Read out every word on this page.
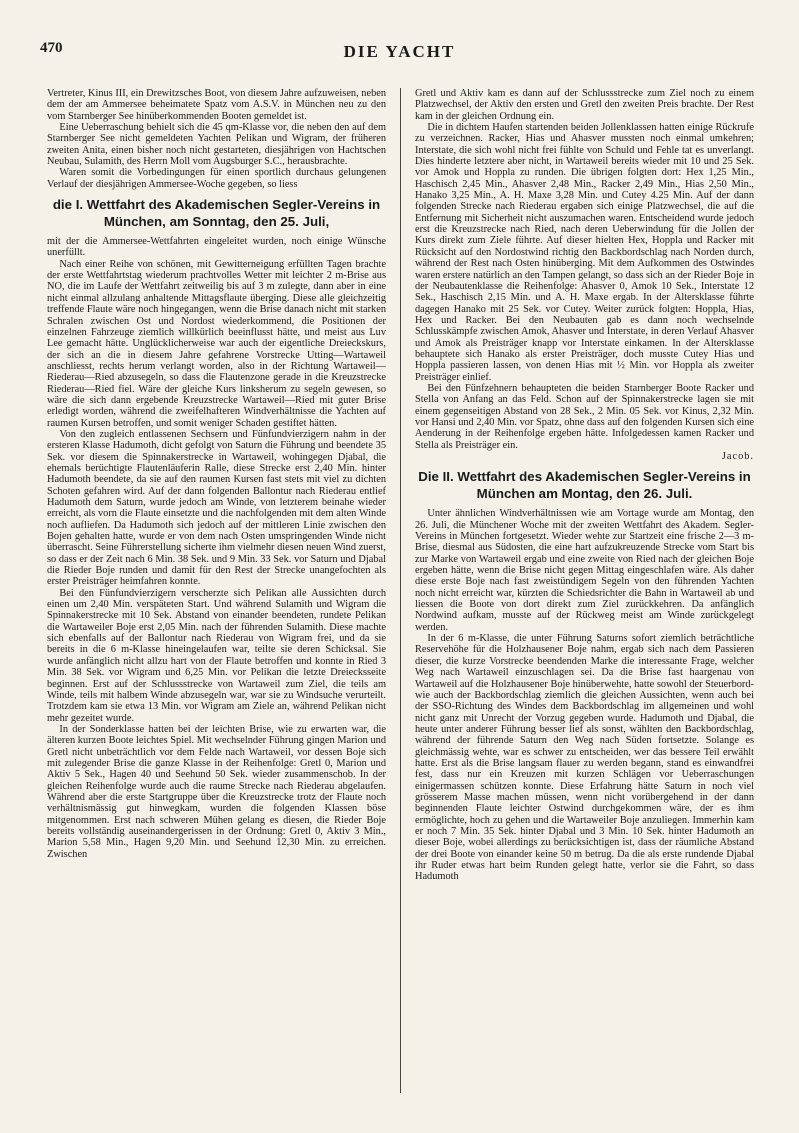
470	DIE YACHT

Vertreter, Kinus III, ein Drewitzsches Boot, von diesem Jahre aufzuweisen, neben dem der am Ammersee beheimatete Spatz vom A.S.V. in München neu zu den vom Starnberger See hinüberkommenden Booten gemeldet ist.

Eine Ueberraschung behielt sich die 45 qm-Klasse vor, die neben den auf dem Starnberger See nicht gemeldeten Yachten Pelikan und Wigram, der früheren zweiten Anita, einen bisher noch nicht gestarteten, diesjährigen von Hachtschen Neubau, Sulamith, des Herrn Moll vom Augsburger S.C., herausbrachte.

Waren somit die Vorbedingungen für einen sportlich durchaus gelungenen Verlauf der diesjährigen Ammersee-Woche gegeben, so liess

die I. Wettfahrt des Akademischen Segler-Vereins in München, am Sonntag, den 25. Juli,

mit der die Ammersee-Wettfahrten eingeleitet wurden, noch einige Wünsche unerfüllt.

Nach einer Reihe von schönen, mit Gewitterneigung erfüllten Tagen brachte der erste Wettfahrtstag wiederum prachtvolles Wetter mit leichter 2 m-Brise aus NO, die im Laufe der Wettfahrt zeitweilig bis auf 3 m zulegte, dann aber in eine nicht einmal allzulang anhaltende Mittagsflaute überging. Diese alle gleichzeitig treffende Flaute wäre noch hingegangen, wenn die Brise danach nicht mit starken Schralen zwischen Ost und Nordost wiederkommend, die Positionen der einzelnen Fahrzeuge ziemlich willkürlich beeinflusst hätte, und meist aus Luv Lee gemacht hätte. Unglücklicherweise war auch der eigentliche Dreieckskurs, der sich an die in diesem Jahre gefahrene Vorstrecke Utting—Wartaweil anschliesst, rechts herum verlangt worden, also in der Richtung Wartaweil—Riederau—Ried abzusegeln, so dass die Flautenzone gerade in die Kreuzstrecke Riederau—Ried fiel. Wäre der gleiche Kurs linksherum zu segeln gewesen, so wäre die sich dann ergebende Kreuzstrecke Wartaweil—Ried mit guter Brise erledigt worden, während die zweifelhafteren Windverhältnisse die Yachten auf raumen Kursen betroffen, und somit weniger Schaden gestiftet hätten.

Von den zugleich entlassenen Sechsern und Fünfundvierzigern nahm in der ersteren Klasse Hadumoth, dicht gefolgt von Saturn die Führung und beendete 35 Sek. vor diesem die Spinnakerstrecke in Wartaweil, wohingegen Djabal, die ehemals berüchtigte Flautenläuferin Ralle, diese Strecke erst 2,40 Min. hinter Hadumoth beendete, da sie auf den raumen Kursen fast stets mit viel zu dichten Schoten gefahren wird. Auf der dann folgenden Ballontur nach Riederau entlief Hadumoth dem Saturn, wurde jedoch am Winde, von letzterem beinahe wieder erreicht, als vorn die Flaute einsetzte und die nachfolgenden mit dem alten Winde noch aufliefen. Da Hadumoth sich jedoch auf der mittleren Linie zwischen den Bojen gehalten hatte, wurde er von dem nach Osten umspringenden Winde nicht überrascht. Seine Führerstellung sicherte ihm vielmehr diesen neuen Wind zuerst, so dass er der Zeit nach 6 Min. 38 Sek. und 9 Min. 33 Sek. vor Saturn und Djabal die Rieder Boje runden und damit für den Rest der Strecke unangefochten als erster Preisträger heimfahren konnte.

Bei den Fünfundvierzigern verscherzte sich Pelikan alle Aussichten durch einen um 2,40 Min. verspäteten Start. Und während Sulamith und Wigram die Spinnakerstrecke mit 10 Sek. Abstand von einander beendeten, rundete Pelikan die Wartaweiler Boje erst 2,05 Min. nach der führenden Sulamith. Diese machte sich ebenfalls auf der Ballontur nach Riederau von Wigram frei, und da sie bereits in die 6 m-Klasse hineingelaufen war, teilte sie deren Schicksal. Sie wurde anfänglich nicht allzu hart von der Flaute betroffen und konnte in Ried 3 Min. 38 Sek. vor Wigram und 6,25 Min. vor Pelikan die letzte Dreiecksseite beginnen. Erst auf der Schlussstrecke von Wartaweil zum Ziel, die teils am Winde, teils mit halbem Winde abzusegeln war, war sie zu Windsuche verurteilt. Trotzdem kam sie etwa 13 Min. vor Wigram am Ziele an, während Pelikan nicht mehr gezeitet wurde.

In der Sonderklasse hatten bei der leichten Brise, wie zu erwarten war, die älteren kurzen Boote leichtes Spiel. Mit wechselnder Führung gingen Marion und Gretl nicht unbeträchtlich vor dem Felde nach Wartaweil, vor dessen Boje sich mit zulegender Brise die ganze Klasse in der Reihenfolge: Gretl 0, Marion und Aktiv 5 Sek., Hagen 40 und Seehund 50 Sek. wieder zusammenschob. In der gleichen Reihenfolge wurde auch die raume Strecke nach Riederau abgelaufen. Während aber die erste Startgruppe über die Kreuzstrecke trotz der Flaute noch verhältnismässig gut hinwegkam, wurden die folgenden Klassen böse mitgenommen. Erst nach schweren Mühen gelang es diesen, die Rieder Boje bereits vollständig auseinandergerissen in der Ordnung: Gretl 0, Aktiv 3 Min., Marion 5,58 Min., Hagen 9,20 Min. und Seehund 12,30 Min. zu erreichen. Zwischen

Gretl und Aktiv kam es dann auf der Schlussstrecke zum Ziel noch zu einem Platzwechsel, der Aktiv den ersten und Gretl den zweiten Preis brachte. Der Rest kam in der gleichen Ordnung ein.

Die in dichtem Haufen startenden beiden Jollenklassen hatten einige Rückrufe zu verzeichnen. Racker, Hias und Ahasver mussten noch einmal umkehren; Interstate, die sich wohl nicht frei fühlte von Schuld und Fehle tat es unverlangt. Dies hinderte letztere aber nicht, in Wartaweil bereits wieder mit 10 und 25 Sek. vor Amok und Hoppla zu runden. Die übrigen folgten dort: Hex 1,25 Min., Haschisch 2,45 Min., Ahasver 2,48 Min., Racker 2,49 Min., Hias 2,50 Min., Hanako 3,25 Min., A. H. Maxe 3,28 Min. und Cutey 4.25 Min. Auf der dann folgenden Strecke nach Riederau ergaben sich einige Platzwechsel, die auf die Entfernung mit Sicherheit nicht auszumachen waren. Entscheidend wurde jedoch erst die Kreuzstrecke nach Ried, nach deren Ueberwindung für die Jollen der Kurs direkt zum Ziele führte. Auf dieser hielten Hex, Hoppla und Racker mit Rücksicht auf den Nordostwind richtig den Backbordschlag nach Norden durch, während der Rest nach Osten hinüberging. Mit dem Aufkommen des Ostwindes waren erstere natürlich an den Tampen gelangt, so dass sich an der Rieder Boje in der Neubautenklasse die Reihenfolge: Ahasver 0, Amok 10 Sek., Interstate 12 Sek., Haschisch 2,15 Min. und A. H. Maxe ergab. In der Altersklasse führte dagegen Hanako mit 25 Sek. vor Cutey. Weiter zurück folgten: Hoppla, Hias, Hex und Racker. Bei den Neubauten gab es dann noch wechselnde Schlusskämpfe zwischen Amok, Ahasver und Interstate, in deren Verlauf Ahasver und Amok als Preisträger knapp vor Interstate einkamen. In der Altersklasse behauptete sich Hanako als erster Preisträger, doch musste Cutey Hias und Hoppla passieren lassen, von denen Hias mit ½ Min. vor Hoppla als zweiter Preisträger einlief.

Bei den Fünfzehnern behaupteten die beiden Starnberger Boote Racker und Stella von Anfang an das Feld. Schon auf der Spinnakerstrecke lagen sie mit einem gegenseitigen Abstand von 28 Sek., 2 Min. 05 Sek. vor Kinus, 2,32 Min. vor Hansi und 2,40 Min. vor Spatz, ohne dass auf den folgenden Kursen sich eine Aenderung in der Reihenfolge ergeben hätte. Infolgedessen kamen Racker und Stella als Preisträger ein.

Jacob.
Die II. Wettfahrt des Akademischen Segler-Vereins in München am Montag, den 26. Juli.

Unter ähnlichen Windverhältnissen wie am Vortage wurde am Montag, den 26. Juli, die Münchener Woche mit der zweiten Wettfahrt des Akadem. Segler-Vereins in München fortgesetzt. Wieder wehte zur Startzeit eine frische 2—3 m-Brise, diesmal aus Südosten, die eine hart aufzukreuzende Strecke vom Start bis zur Marke von Wartaweil ergab und eine zweite von Ried nach der gleichen Boje ergeben hätte, wenn die Brise nicht gegen Mittag eingeschlafen wäre. Als daher diese erste Boje nach fast zweistündigem Segeln von den führenden Yachten noch nicht erreicht war, kürzten die Schiedsrichter die Bahn in Wartaweil ab und liessen die Boote von dort direkt zum Ziel zurückkehren. Da anfänglich Nordwind aufkam, musste auf der Rückweg meist am Winde zurückgelegt werden.

In der 6 m-Klasse, die unter Führung Saturns sofort ziemlich beträchtliche Reservehöhe für die Holzhausener Boje nahm, ergab sich nach dem Passieren dieser, die kurze Vorstrecke beendenden Marke die interessante Frage, welcher Weg nach Wartaweil einzuschlagen sei. Da die Brise fast haargenau von Wartaweil auf die Holzhausener Boje hinüberwehte, hatte sowohl der Steuerbord- wie auch der Backbordschlag ziemlich die gleichen Aussichten, wenn auch bei der SSO-Richtung des Windes dem Backbordschlag im allgemeinen und wohl nicht ganz mit Unrecht der Vorzug gegeben wurde. Hadumoth und Djabal, die heute unter anderer Führung besser lief als sonst, wählten den Backbordschlag, während der führende Saturn den Weg nach Süden fortsetzte. Solange es gleichmässig wehte, war es schwer zu entscheiden, wer das bessere Teil erwählt hatte. Erst als die Brise langsam flauer zu werden begann, stand es einwandfrei fest, dass nur ein Kreuzen mit kurzen Schlägen vor Ueberraschungen einigermassen schützen konnte. Diese Erfahrung hätte Saturn in noch viel grösserem Masse machen müssen, wenn nicht vorübergehend in der dann beginnenden Flaute leichter Ostwind durchgekommen wäre, der es ihm ermöglichte, hoch zu gehen und die Wartaweiler Boje anzuliegen. Immerhin kam er noch 7 Min. 35 Sek. hinter Djabal und 3 Min. 10 Sek. hinter Hadumoth an dieser Boje, wobei allerdings zu berücksichtigen ist, dass der räumliche Abstand der drei Boote von einander keine 50 m betrug. Da die als erste rundende Djabal ihr Ruder etwas hart beim Runden gelegt hatte, verlor sie die Fahrt, so dass Hadumoth
